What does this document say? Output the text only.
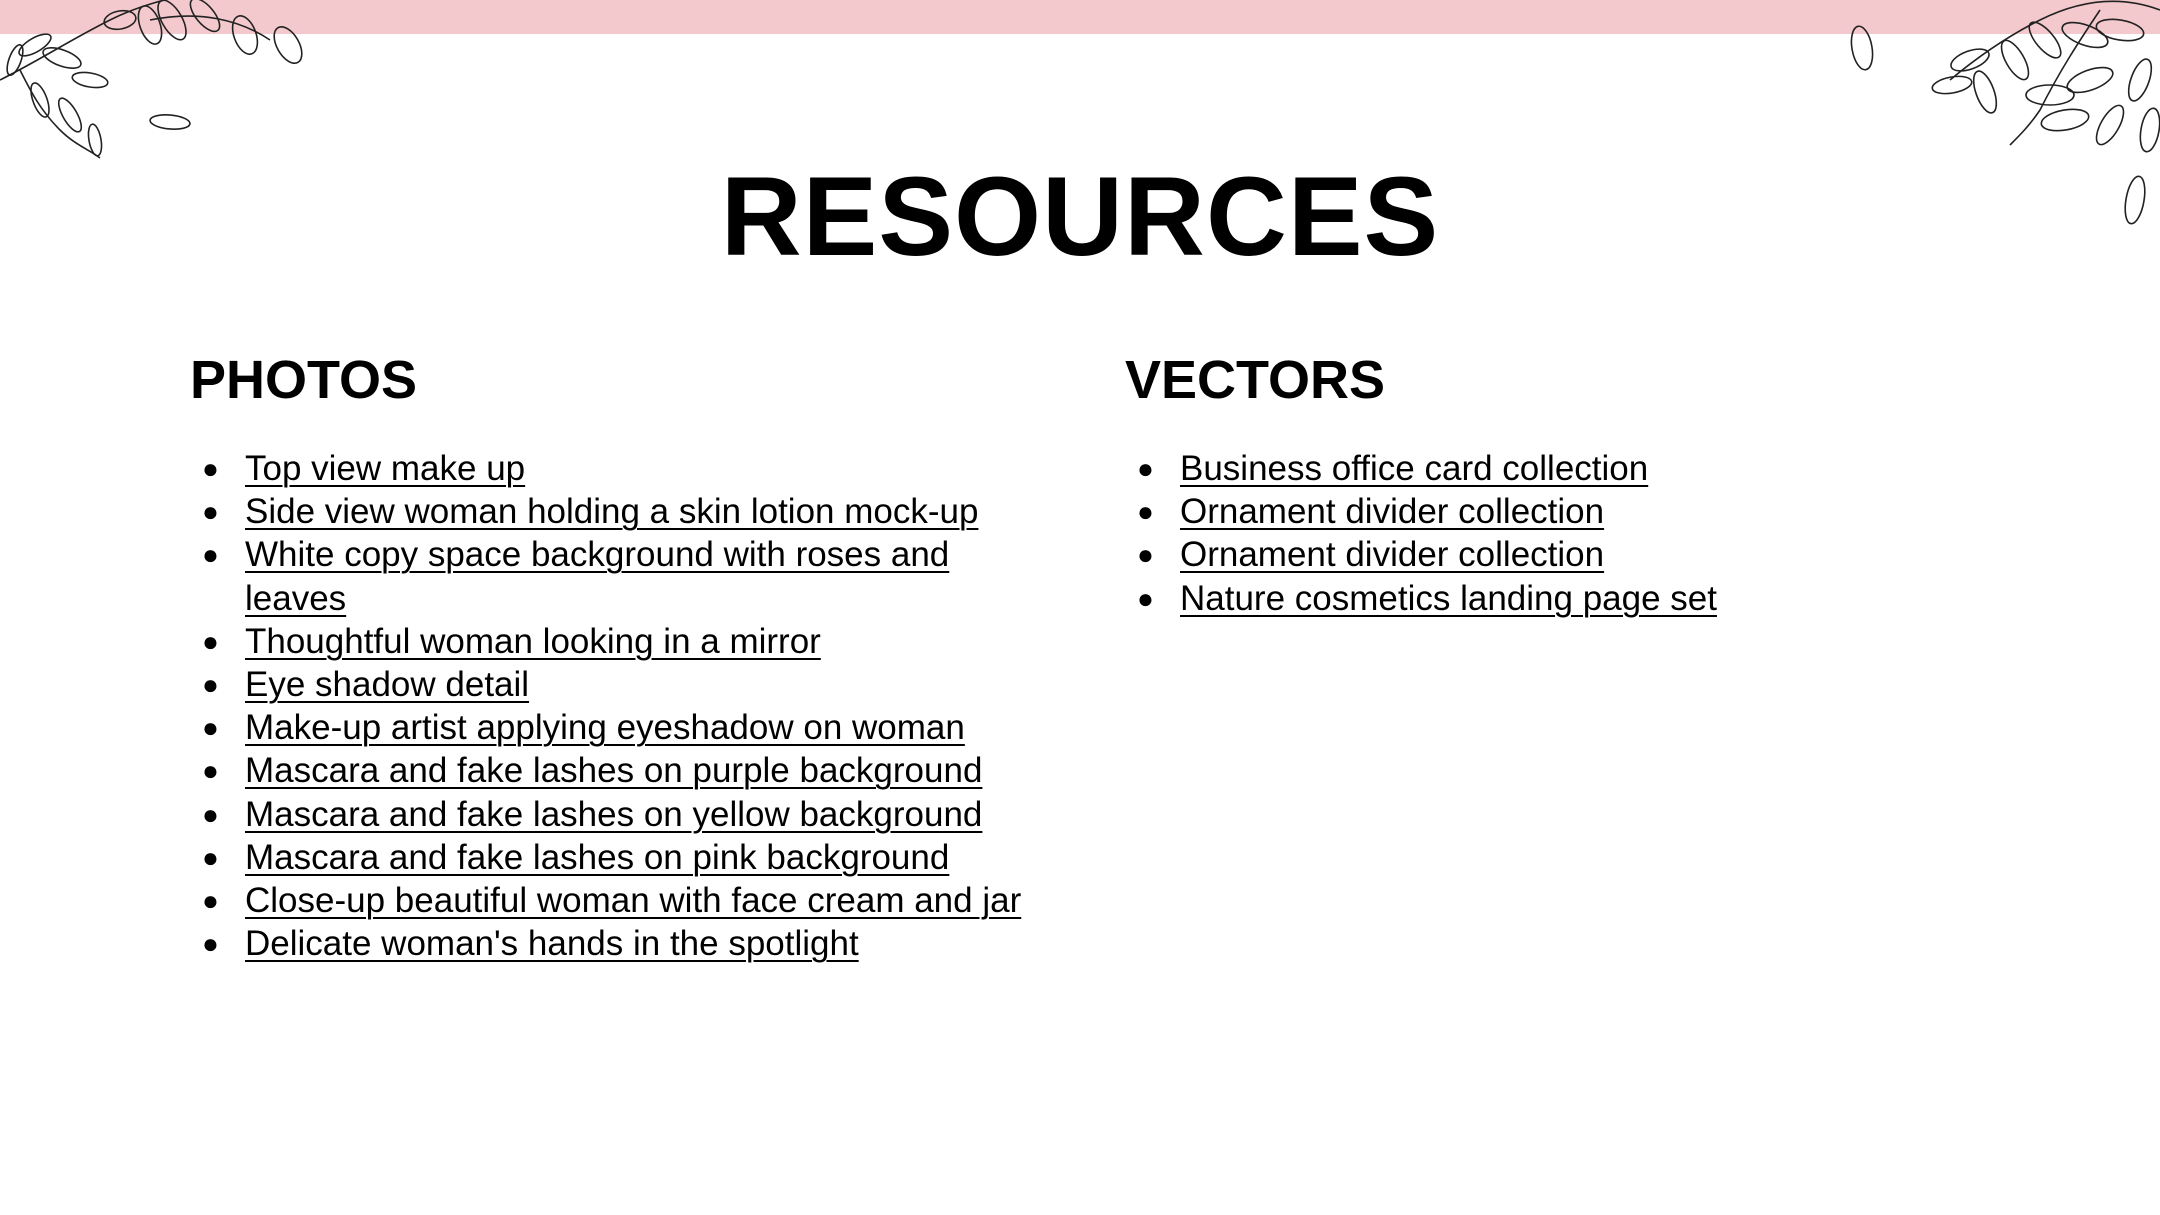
RESOURCES
PHOTOS
● Top view make up
● Side view woman holding a skin lotion mock-up
● White copy space background with roses and leaves
● Thoughtful woman looking in a mirror
● Eye shadow detail
● Make-up artist applying eyeshadow on woman
● Mascara and fake lashes on purple background
● Mascara and fake lashes on yellow background
● Mascara and fake lashes on pink background
● Close-up beautiful woman with face cream and jar
● Delicate woman's hands in the spotlight
VECTORS
● Business office card collection
● Ornament divider collection
● Ornament divider collection
● Nature cosmetics landing page set
